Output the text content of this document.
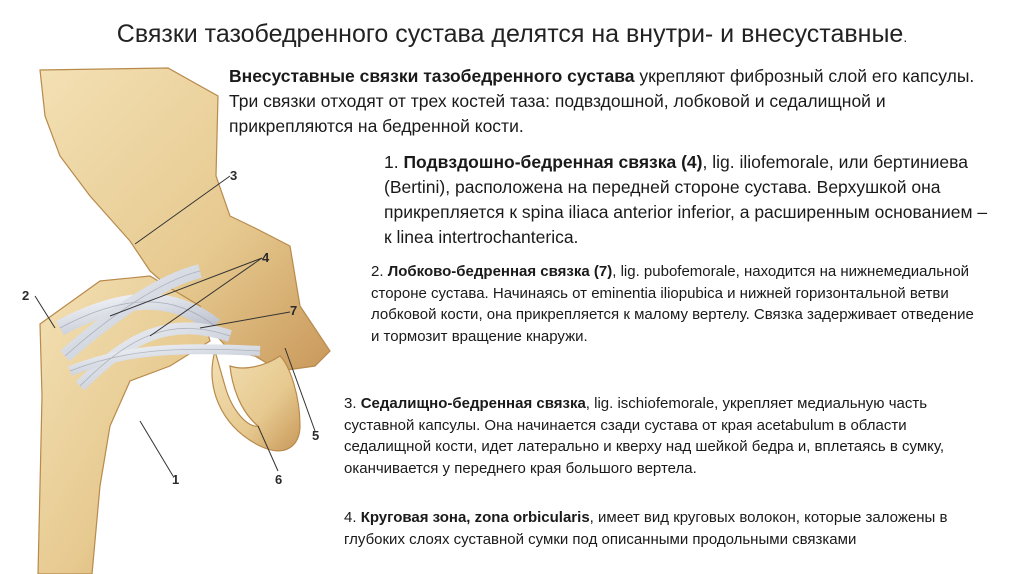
Связки тазобедренного сустава делятся на внутри- и внесуставные.
3
4
2
7
5
1	6

Внесуставные связки тазобедренного сустава укрепляют фиброзный слой его капсулы. Три связки отходят от трех костей таза: подвздошной, лобковой и седалищной и прикрепляются на бедренной кости.

1. Подвздошно-бедренная связка (4), lig. iliofemorale, или бертиниева (Bertini), расположена на передней стороне сустава. Верхушкой она прикрепляется к spina iliaca anterior inferior, а расширенным основанием – к linea intertrochanterica.

2. Лобково-бедренная связка (7), lig. pubofemorale, находится на нижнемедиальной стороне сустава. Начинаясь от eminentia iliopubica и нижней горизонтальной ветви лобковой кости, она прикрепляется к малому вертелу. Связка задерживает отведение и тормозит вращение кнаружи.

3. Седалищно-бедренная связка, lig. ischiofemorale, укрепляет медиальную часть суставной капсулы. Она начинается сзади сустава от края acetabulum в области седалищной кости, идет латерально и кверху над шейкой бедра и, вплетаясь в сумку, оканчивается у переднего края большого вертела.

4. Круговая зона, zona orbicularis, имеет вид круговых волокон, которые заложены в глубоких слоях суставной сумки под описанными продольными связками
